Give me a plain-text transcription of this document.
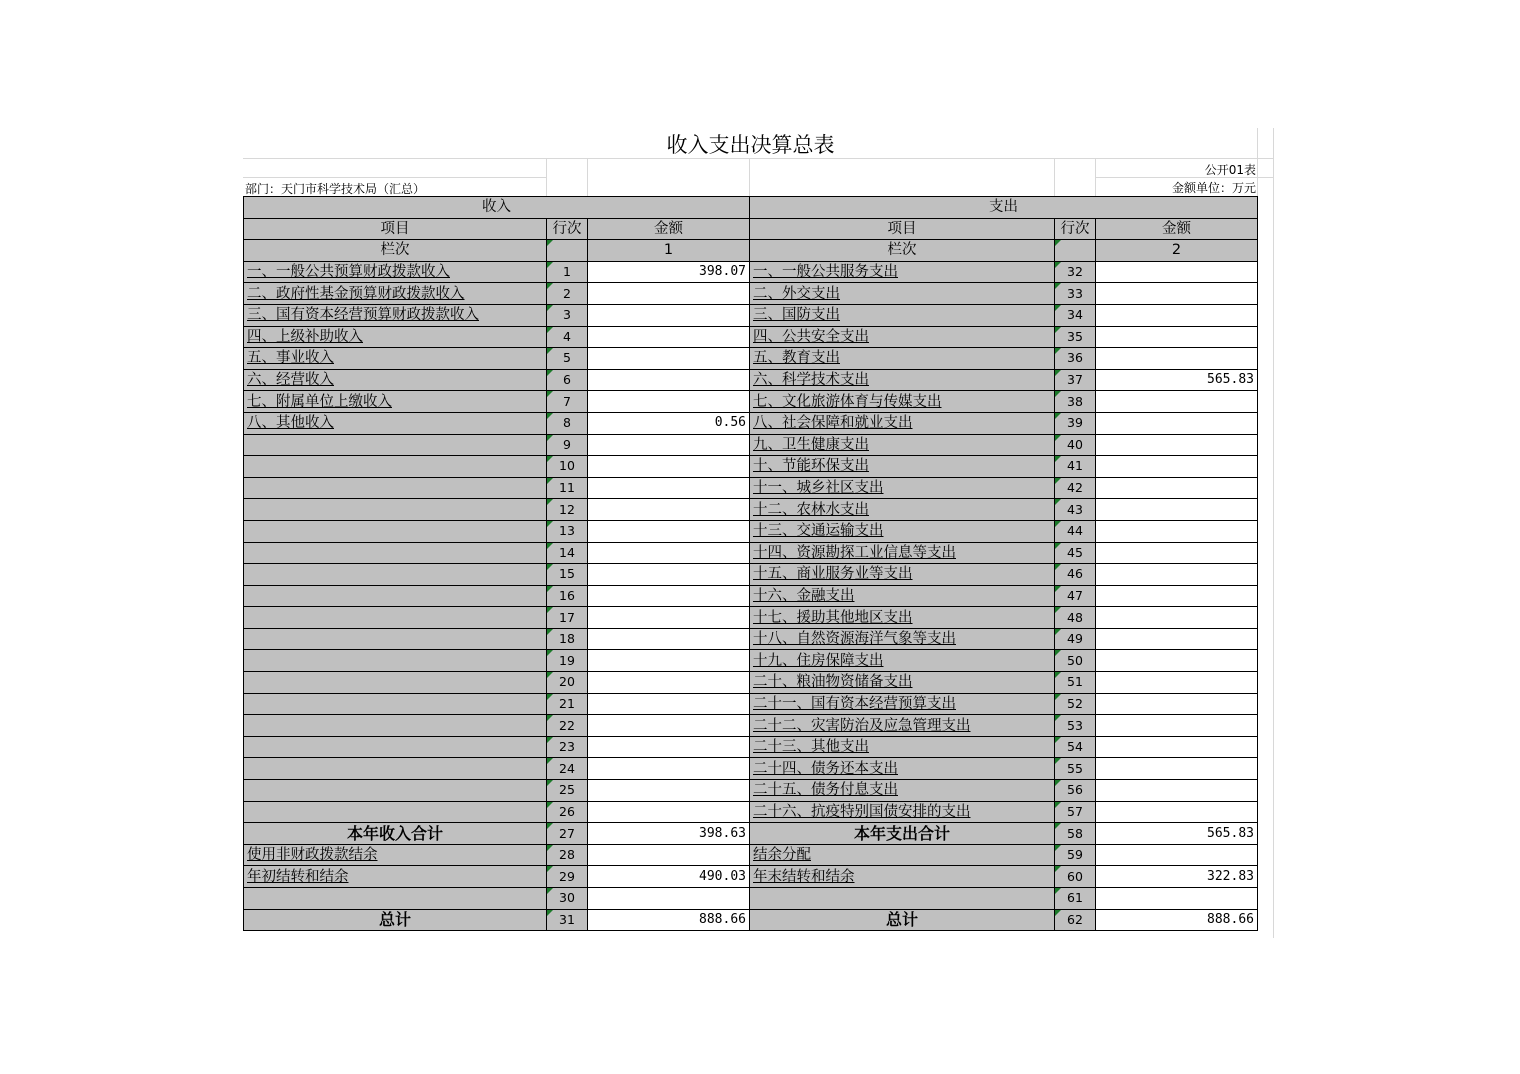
收入支出决算总表
部门：天门市科学技术局（汇总）
公开01表
金额单位：万元
收入			支出		
项目	行次	金额	项目	行次	金额
栏次		1	栏次		2
一、一般公共预算财政拨款收入	1	398.07	一、一般公共服务支出	32	
二、政府性基金预算财政拨款收入	2		二、外交支出	33	
三、国有资本经营预算财政拨款收入	3		三、国防支出	34	
四、上级补助收入	4		四、公共安全支出	35	
五、事业收入	5		五、教育支出	36	
六、经营收入	6		六、科学技术支出	37	565.83
七、附属单位上缴收入	7		七、文化旅游体育与传媒支出	38	
八、其他收入	8	0.56	八、社会保障和就业支出	39	
	9		九、卫生健康支出	40	
	10		十、节能环保支出	41	
	11		十一、城乡社区支出	42	
	12		十二、农林水支出	43	
	13		十三、交通运输支出	44	
	14		十四、资源勘探工业信息等支出	45	
	15		十五、商业服务业等支出	46	
	16		十六、金融支出	47	
	17		十七、援助其他地区支出	48	
	18		十八、自然资源海洋气象等支出	49	
	19		十九、住房保障支出	50	
	20		二十、粮油物资储备支出	51	
	21		二十一、国有资本经营预算支出	52	
	22		二十二、灾害防治及应急管理支出	53	
	23		二十三、其他支出	54	
	24		二十四、债务还本支出	55	
	25		二十五、债务付息支出	56	
	26		二十六、抗疫特别国债安排的支出	57	
本年收入合计	27	398.63	本年支出合计	58	565.83
使用非财政拨款结余	28		结余分配	59	
年初结转和结余	29	490.03	年末结转和结余	60	322.83
	30			61	
总计	31	888.66	总计	62	888.66
